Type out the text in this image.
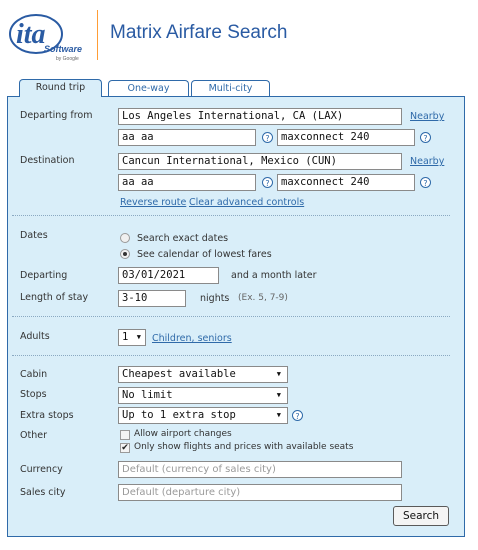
ita
Software
by Google
Matrix Airfare Search
Round trip	One-way	Multi-city
Departing from	Los Angeles International, CA (LAX)	Nearby
aa aa	?	maxconnect 240	?
Destination	Cancun International, Mexico (CUN)	Nearby
aa aa	?	maxconnect 240	?
Reverse route Clear advanced controls
Dates	Search exact dates
See calendar of lowest fares
Departing	03/01/2021	and a month later
Length of stay	3-10	nights (Ex. 5, 7-9)
Adults	1 ▼ Children, seniors
Cabin	Cheapest available	▼
Stops	No limit	▼
Extra stops	Up to 1 extra stop	▼	?
Other	Allow airport changes
✔ Only show flights and prices with available seats
Currency	Default (currency of sales city)
Sales city	Default (departure city)
Search
